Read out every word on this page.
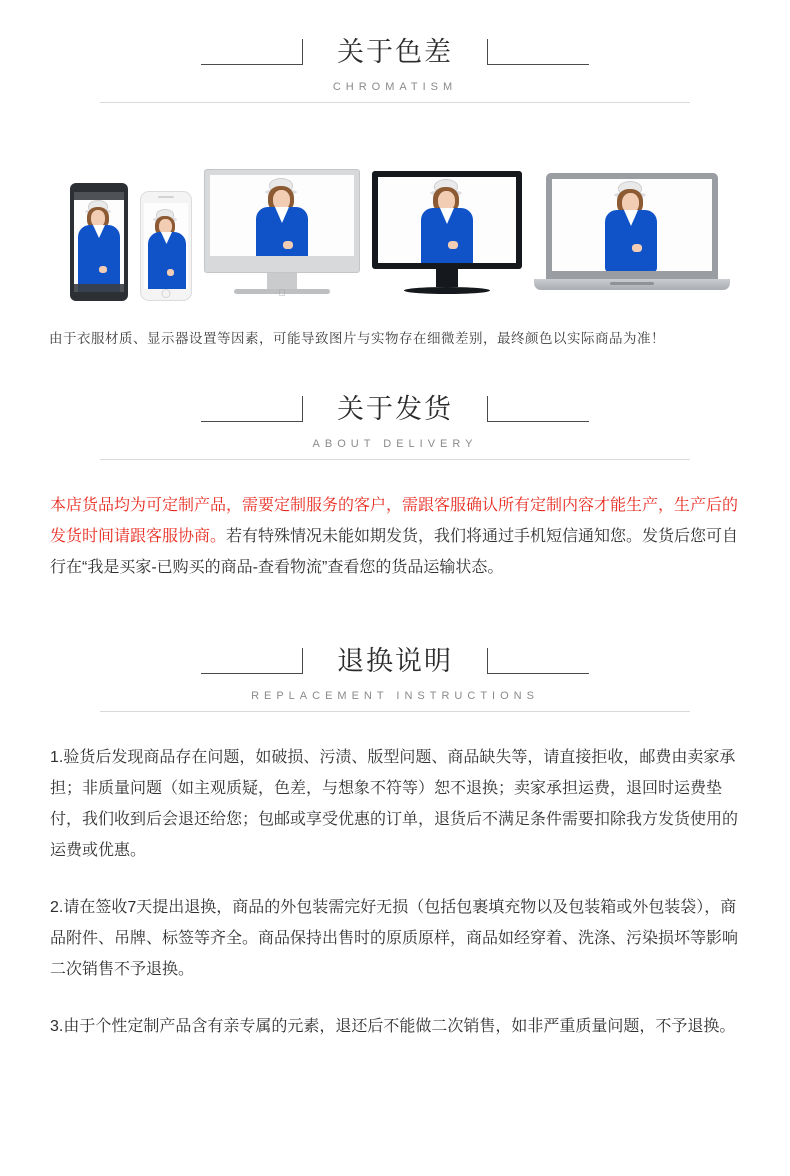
关于色差
CHROMATISM
由于衣服材质、显示器设置等因素，可能导致图片与实物存在细微差别，最终颜色以实际商品为准！
关于发货
ABOUT DELIVERY

本店货品均为可定制产品，需要定制服务的客户，需跟客服确认所有定制内容才能生产，生产后的发货时间请跟客服协商。若有特殊情况未能如期发货，我们将通过手机短信通知您。发货后您可自行在“我是买家-已购买的商品-查看物流”查看您的货品运输状态。

退换说明
REPLACEMENT INSTRUCTIONS

1.验货后发现商品存在问题，如破损、污渍、版型问题、商品缺失等，请直接拒收，邮费由卖家承担；非质量问题（如主观质疑，色差，与想象不符等）恕不退换；卖家承担运费，退回时运费垫付，我们收到后会退还给您；包邮或享受优惠的订单，退货后不满足条件需要扣除我方发货使用的运费或优惠。

2.请在签收7天提出退换，商品的外包装需完好无损（包括包裹填充物以及包装箱或外包装袋），商品附件、吊牌、标签等齐全。商品保持出售时的原质原样，商品如经穿着、洗涤、污染损坏等影响二次销售不予退换。

3.由于个性定制产品含有亲专属的元素，退还后不能做二次销售，如非严重质量问题，不予退换。
